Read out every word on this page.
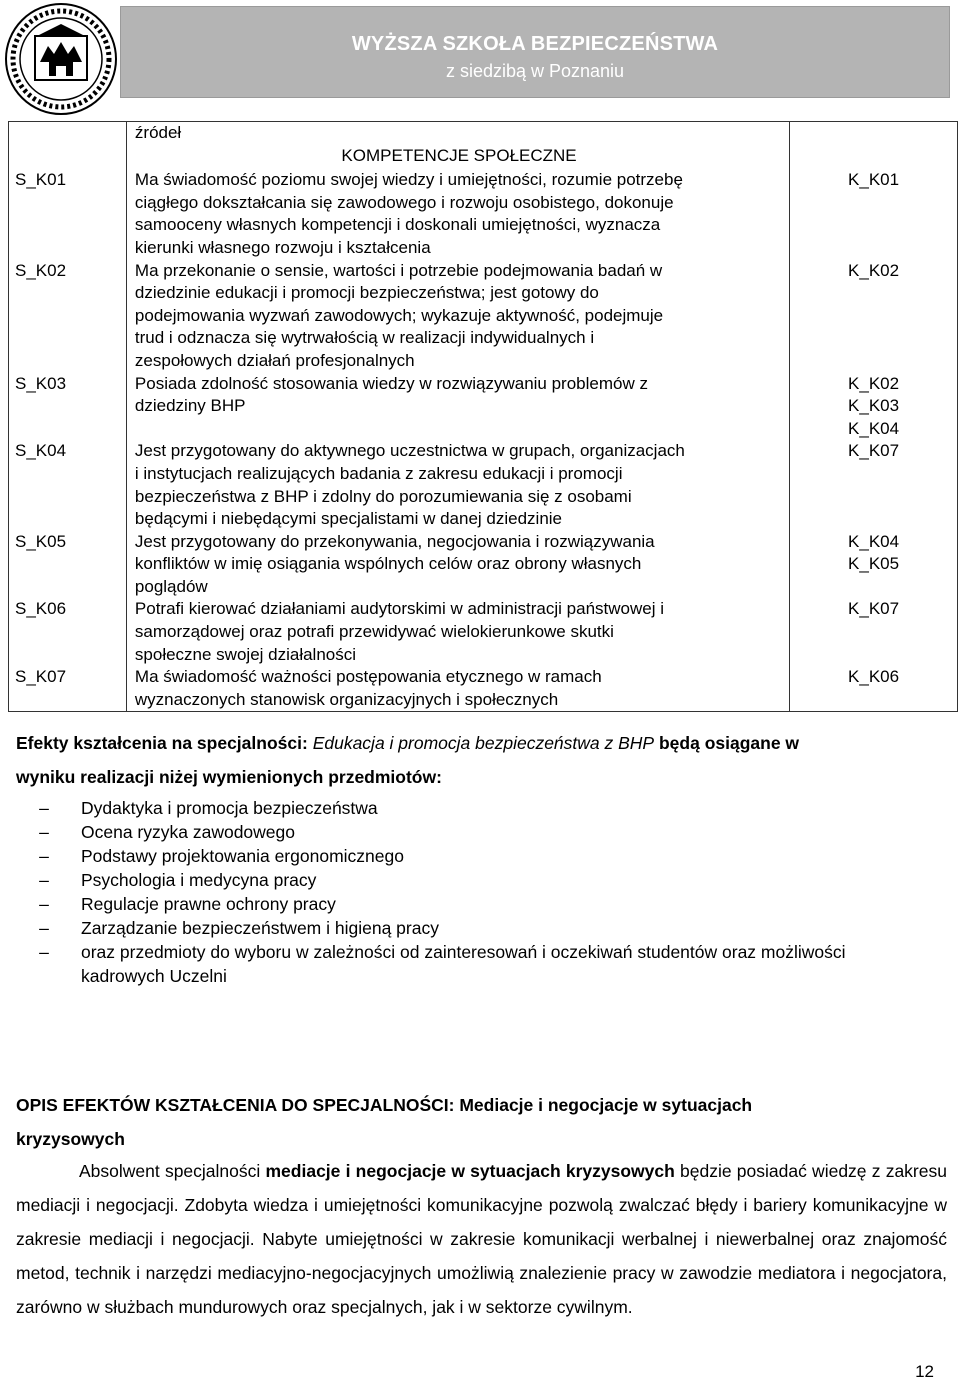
WYŻSZA SZKOŁA BEZPIECZEŃSTWA
z siedzibą w Poznaniu

	źródeł
KOMPETENCJE SPOŁECZNE	

S_K01	Ma świadomość poziomu swojej wiedzy i umiejętności, rozumie potrzebę
ciągłego dokształcania się zawodowego i rozwoju osobistego, dokonuje
samooceny własnych kompetencji i doskonali umiejętności, wyznacza
kierunki własnego rozwoju i kształcenia	K_K01

S_K02	Ma przekonanie o sensie, wartości i potrzebie podejmowania badań w
dziedzinie edukacji i promocji bezpieczeństwa; jest gotowy do
podejmowania wyzwań zawodowych; wykazuje aktywność, podejmuje
trud i odznacza się wytrwałością w realizacji indywidualnych i
zespołowych działań profesjonalnych	K_K02

S_K03	Posiada zdolność stosowania wiedzy w rozwiązywaniu problemów z
dziedziny BHP	K_K02
K_K03
K_K04

S_K04	Jest przygotowany do aktywnego uczestnictwa w grupach, organizacjach
i instytucjach realizujących badania z zakresu edukacji i promocji
bezpieczeństwa z BHP i zdolny do porozumiewania się z osobami
będącymi i niebędącymi specjalistami w danej dziedzinie	K_K07

S_K05	Jest przygotowany do przekonywania, negocjowania i rozwiązywania
konfliktów w imię osiągania wspólnych celów oraz obrony własnych
poglądów	K_K04
K_K05

S_K06	Potrafi kierować działaniami audytorskimi w administracji państwowej i
samorządowej oraz potrafi przewidywać wielokierunkowe skutki
społeczne swojej działalności	K_K07

S_K07	Ma świadomość ważności postępowania etycznego w ramach
wyznaczonych stanowisk organizacyjnych i społecznych	K_K06
Efekty kształcenia na specjalności: Edukacja i promocja bezpieczeństwa z BHP będą osiągane w
wyniku realizacji niżej wymienionych przedmiotów:
–	Dydaktyka i promocja bezpieczeństwa
–	Ocena ryzyka zawodowego
–	Podstawy projektowania ergonomicznego
–	Psychologia i medycyna pracy
–	Regulacje prawne ochrony pracy
–	Zarządzanie bezpieczeństwem i higieną pracy
–	oraz przedmioty do wyboru w zależności od zainteresowań i oczekiwań studentów oraz możliwości
kadrowych Uczelni
OPIS EFEKTÓW KSZTAŁCENIA DO SPECJALNOŚCI: Mediacje i negocjacje w sytuacjach
kryzysowych
Absolwent specjalności mediacje i negocjacje w sytuacjach kryzysowych będzie posiadać wiedzę z zakresu mediacji i negocjacji. Zdobyta wiedza i umiejętności komunikacyjne pozwolą zwalczać błędy i bariery komunikacyjne w zakresie mediacji i negocjacji. Nabyte umiejętności w zakresie komunikacji werbalnej i niewerbalnej oraz znajomość metod, technik i narzędzi mediacyjno-negocjacyjnych umożliwią znalezienie pracy w zawodzie mediatora i negocjatora, zarówno w służbach mundurowych oraz specjalnych, jak i w sektorze cywilnym.
12
